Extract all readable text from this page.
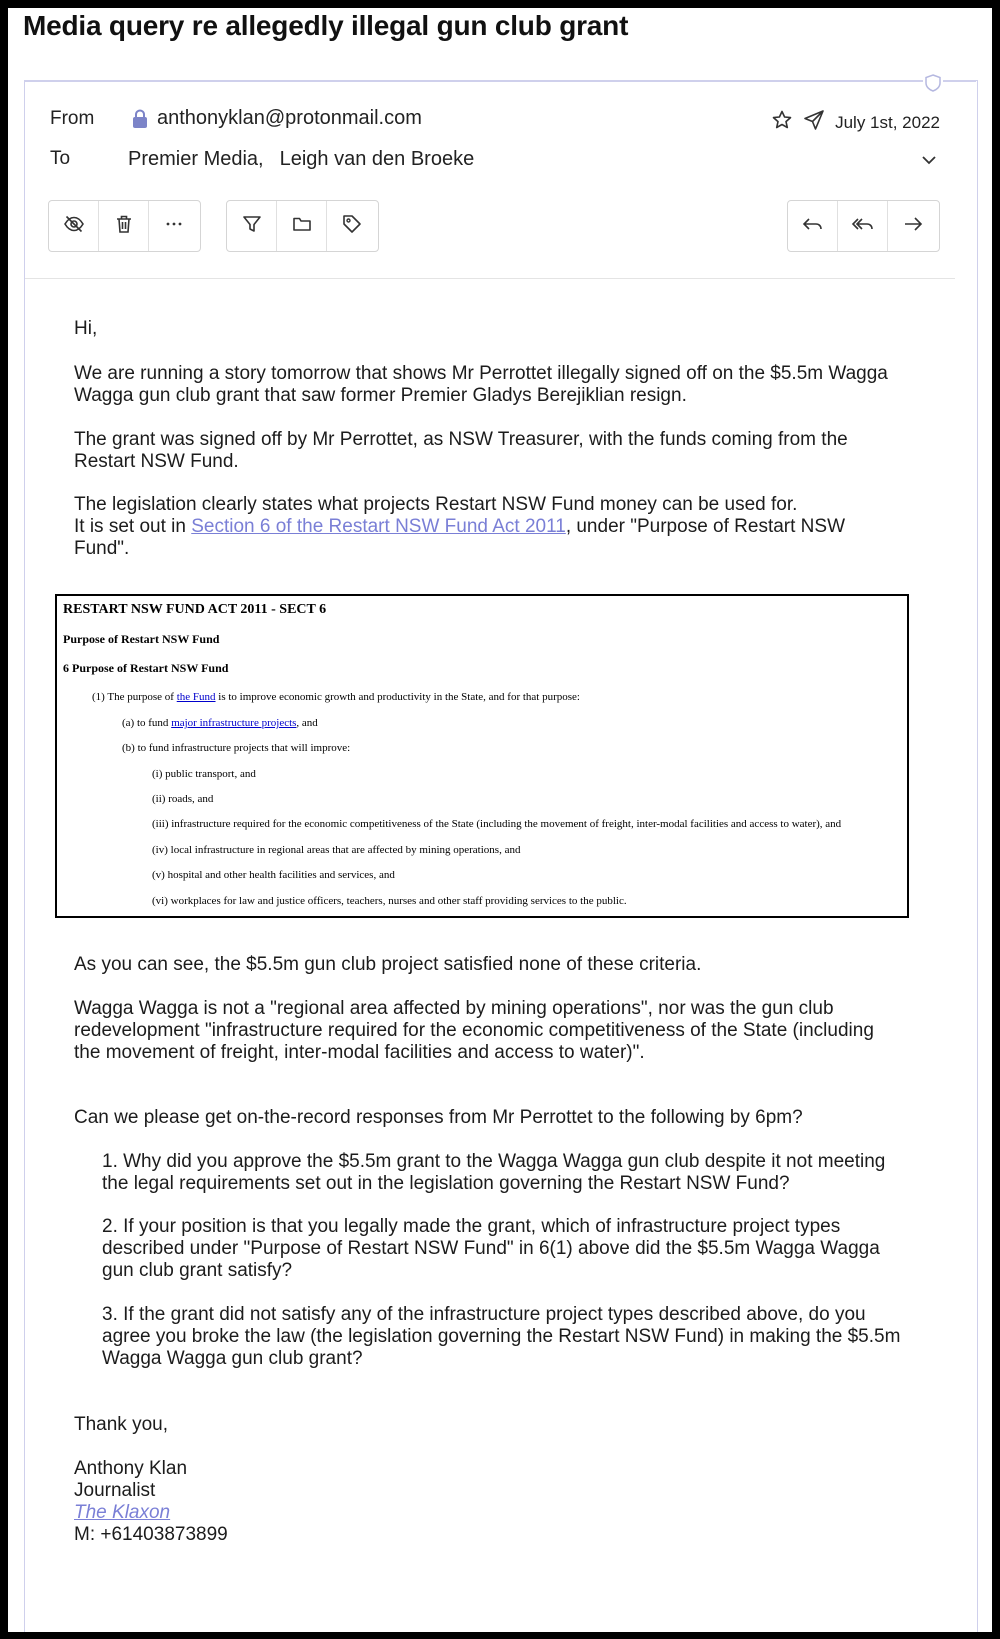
Media query re allegedly illegal gun club grant
From	anthonyklan@protonmail.com
To	Premier Media, Leigh van den Broeke
July 1st, 2022

Hi,

We are running a story tomorrow that shows Mr Perrottet illegally signed off on the $5.5m Wagga Wagga gun club grant that saw former Premier Gladys Berejiklian resign.

The grant was signed off by Mr Perrottet, as NSW Treasurer, with the funds coming from the Restart NSW Fund.

The legislation clearly states what projects Restart NSW Fund money can be used for.
It is set out in Section 6 of the Restart NSW Fund Act 2011, under "Purpose of Restart NSW Fund".

RESTART NSW FUND ACT 2011 - SECT 6

Purpose of Restart NSW Fund

6 Purpose of Restart NSW Fund

(1) The purpose of the Fund is to improve economic growth and productivity in the State, and for that purpose:

(a) to fund major infrastructure projects, and

(b) to fund infrastructure projects that will improve:

(i) public transport, and

(ii) roads, and

(iii) infrastructure required for the economic competitiveness of the State (including the movement of freight, inter-modal facilities and access to water), and

(iv) local infrastructure in regional areas that are affected by mining operations, and

(v) hospital and other health facilities and services, and

(vi) workplaces for law and justice officers, teachers, nurses and other staff providing services to the public.

As you can see, the $5.5m gun club project satisfied none of these criteria.

Wagga Wagga is not a "regional area affected by mining operations", nor was the gun club redevelopment "infrastructure required for the economic competitiveness of the State (including the movement of freight, inter-modal facilities and access to water)".

Can we please get on-the-record responses from Mr Perrottet to the following by 6pm?

1. Why did you approve the $5.5m grant to the Wagga Wagga gun club despite it not meeting the legal requirements set out in the legislation governing the Restart NSW Fund?

2. If your position is that you legally made the grant, which of infrastructure project types described under "Purpose of Restart NSW Fund" in 6(1) above did the $5.5m Wagga Wagga gun club grant satisfy?

3. If the grant did not satisfy any of the infrastructure project types described above, do you agree you broke the law (the legislation governing the Restart NSW Fund) in making the $5.5m Wagga Wagga gun club grant?

Thank you,

Anthony Klan

Journalist

The Klaxon

M: +61403873899
